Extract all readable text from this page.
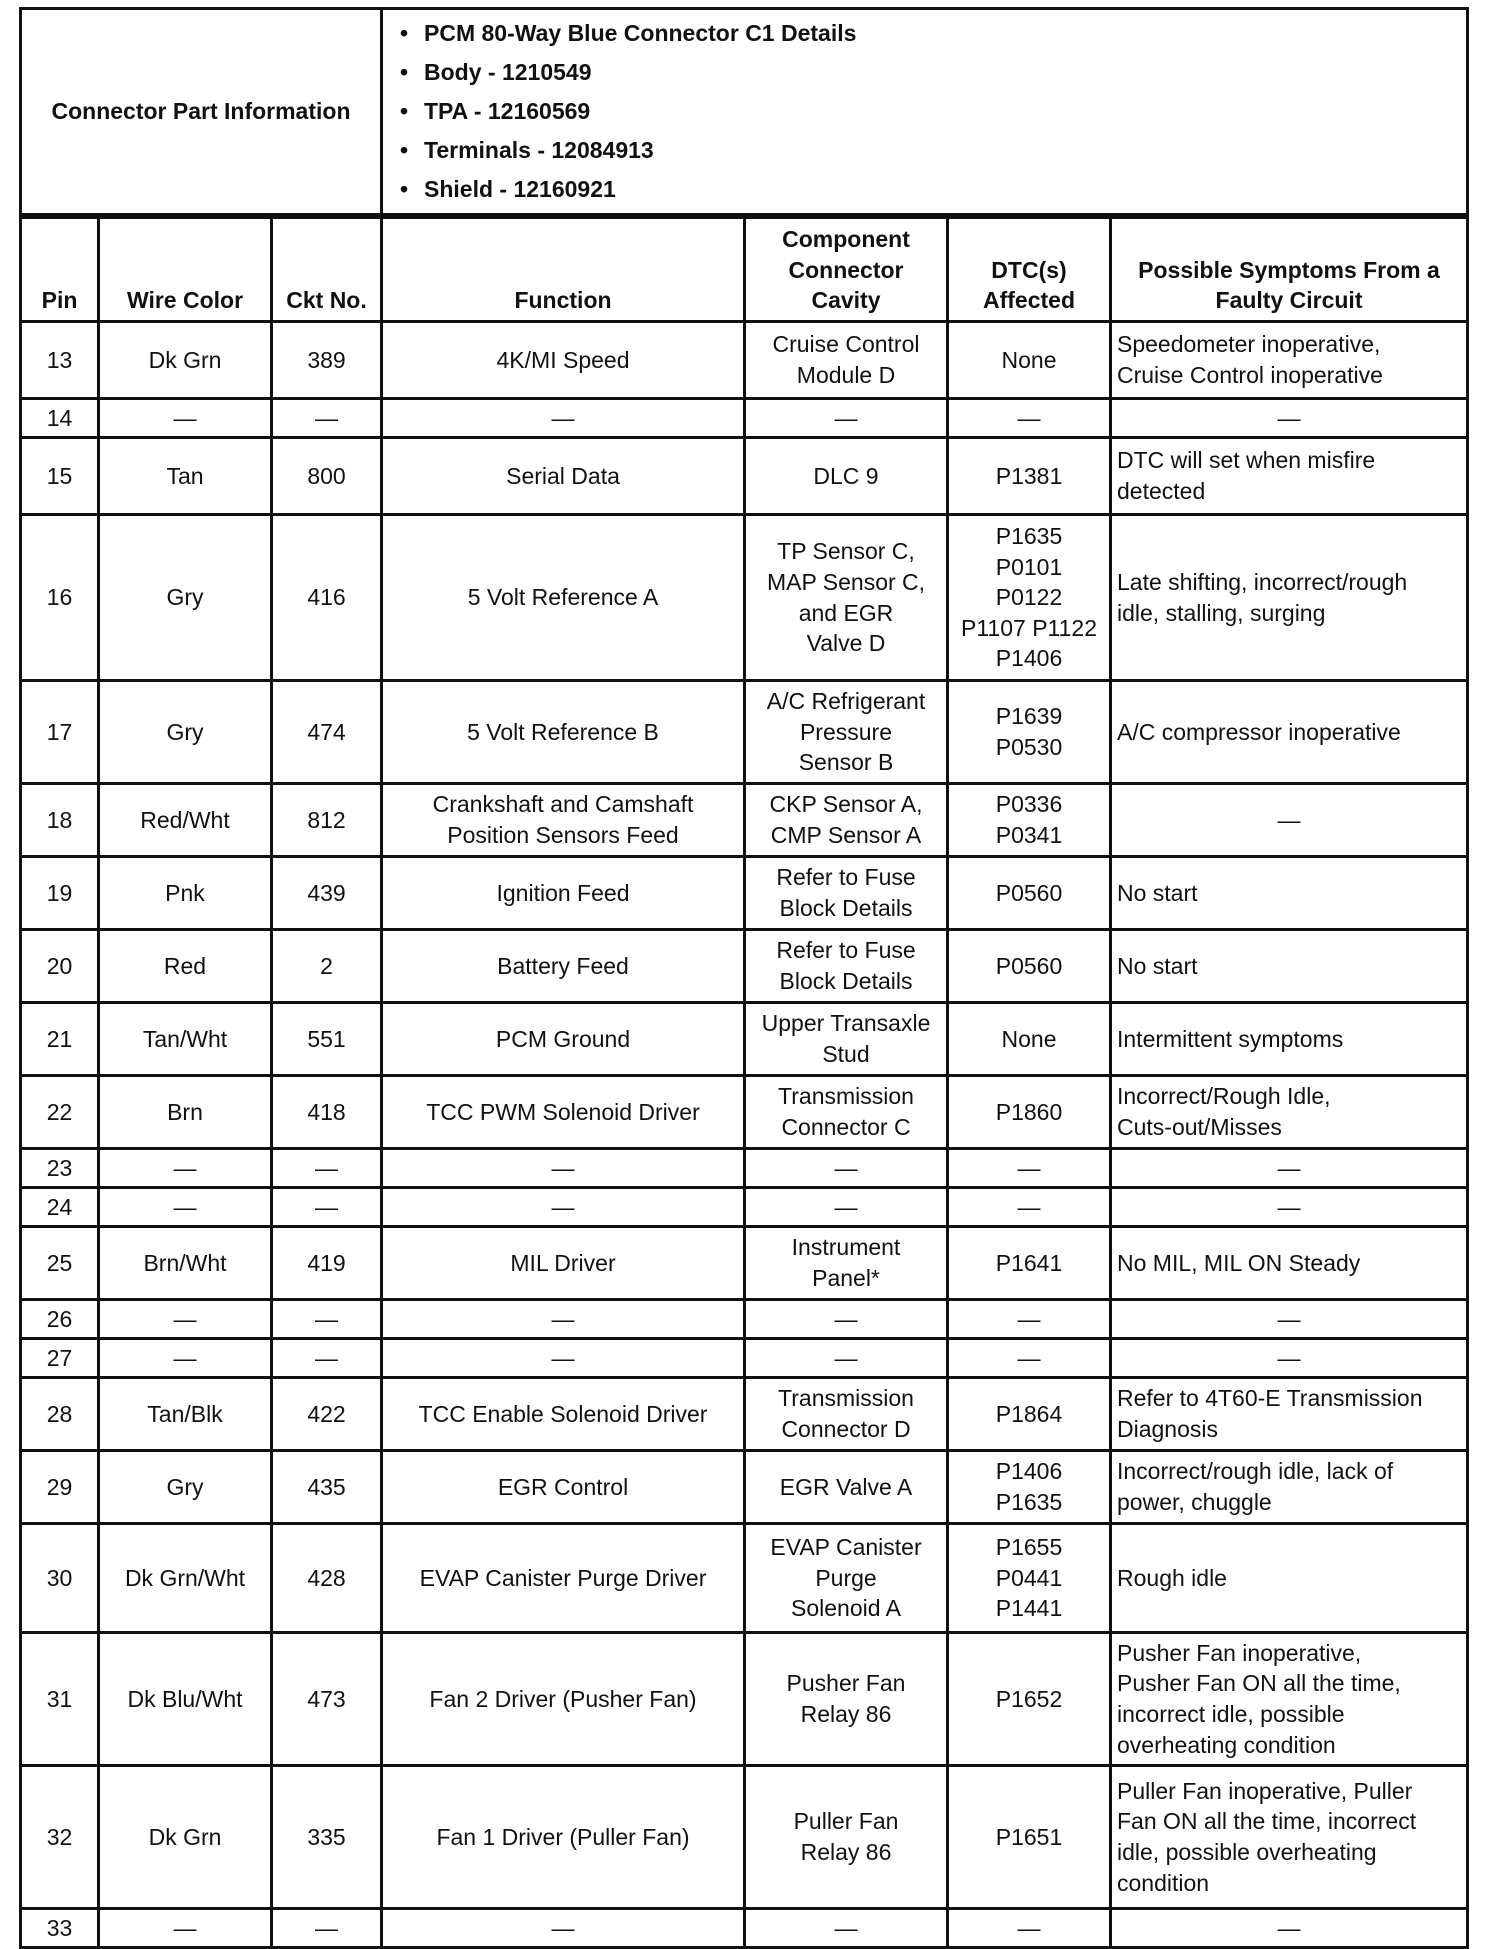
Connector Part Information	
• PCM 80-Way Blue Connector C1 Details
• Body - 1210549
• TPA - 12160569
• Terminals - 12084913
• Shield - 12160921
Pin	Wire Color	Ckt No.	Function	Component
Connector
Cavity	DTC(s)
Affected	Possible Symptoms From a
Faulty Circuit
13	Dk Grn	389	4K/MI Speed	Cruise Control
Module D	None	Speedometer inoperative,
Cruise Control inoperative
14	—	—	—	—	—	—
15	Tan	800	Serial Data	DLC 9	P1381	DTC will set when misfire
detected
16	Gry	416	5 Volt Reference A	TP Sensor C,
MAP Sensor C,
and EGR
Valve D	P1635
P0101
P0122
P1107 P1122
P1406	Late shifting, incorrect/rough
idle, stalling, surging
17	Gry	474	5 Volt Reference B	A/C Refrigerant
Pressure
Sensor B	P1639
P0530	A/C compressor inoperative
18	Red/Wht	812	Crankshaft and Camshaft
Position Sensors Feed	CKP Sensor A,
CMP Sensor A	P0336
P0341	—
19	Pnk	439	Ignition Feed	Refer to Fuse
Block Details	P0560	No start
20	Red	2	Battery Feed	Refer to Fuse
Block Details	P0560	No start
21	Tan/Wht	551	PCM Ground	Upper Transaxle
Stud	None	Intermittent symptoms
22	Brn	418	TCC PWM Solenoid Driver	Transmission
Connector C	P1860	Incorrect/Rough Idle,
Cuts-out/Misses
23	—	—	—	—	—	—
24	—	—	—	—	—	—
25	Brn/Wht	419	MIL Driver	Instrument
Panel*	P1641	No MIL, MIL ON Steady
26	—	—	—	—	—	—
27	—	—	—	—	—	—
28	Tan/Blk	422	TCC Enable Solenoid Driver	Transmission
Connector D	P1864	Refer to 4T60-E Transmission
Diagnosis
29	Gry	435	EGR Control	EGR Valve A	P1406
P1635	Incorrect/rough idle, lack of
power, chuggle
30	Dk Grn/Wht	428	EVAP Canister Purge Driver	EVAP Canister
Purge
Solenoid A	P1655
P0441
P1441	Rough idle
31	Dk Blu/Wht	473	Fan 2 Driver (Pusher Fan)	Pusher Fan
Relay 86	P1652	Pusher Fan inoperative,
Pusher Fan ON all the time,
incorrect idle, possible
overheating condition
32	Dk Grn	335	Fan 1 Driver (Puller Fan)	Puller Fan
Relay 86	P1651	Puller Fan inoperative, Puller
Fan ON all the time, incorrect
idle, possible overheating
condition
33	—	—	—	—	—	—
